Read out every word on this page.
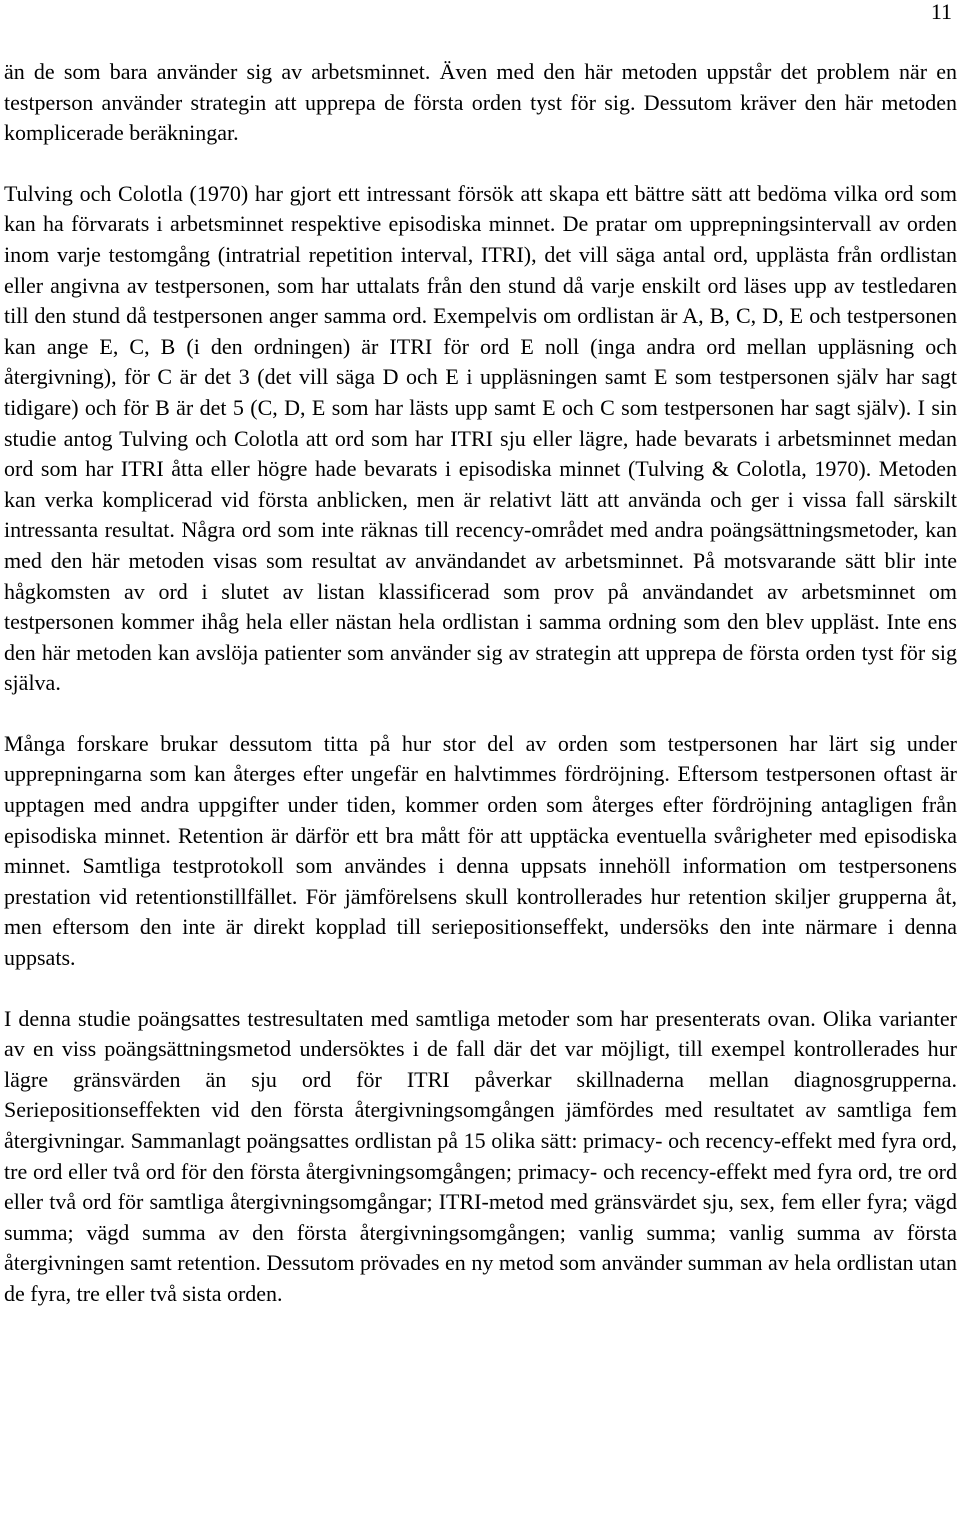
11

än de som bara använder sig av arbetsminnet. Även med den här metoden uppstår det problem när en testperson använder strategin att upprepa de första orden tyst för sig. Dessutom kräver den här metoden komplicerade beräkningar.

Tulving och Colotla (1970) har gjort ett intressant försök att skapa ett bättre sätt att bedöma vilka ord som kan ha förvarats i arbetsminnet respektive episodiska minnet. De pratar om upprepningsintervall av orden inom varje testomgång (intratrial repetition interval, ITRI), det vill säga antal ord, upplästa från ordlistan eller angivna av testpersonen, som har uttalats från den stund då varje enskilt ord läses upp av testledaren till den stund då testpersonen anger samma ord. Exempelvis om ordlistan är A, B, C, D, E och testpersonen kan ange E, C, B (i den ordningen) är ITRI för ord E noll (inga andra ord mellan uppläsning och återgivning), för C är det 3 (det vill säga D och E i uppläsningen samt E som testpersonen själv har sagt tidigare) och för B är det 5 (C, D, E som har lästs upp samt E och C som testpersonen har sagt själv). I sin studie antog Tulving och Colotla att ord som har ITRI sju eller lägre, hade bevarats i arbetsminnet medan ord som har ITRI åtta eller högre hade bevarats i episodiska minnet (Tulving & Colotla, 1970). Metoden kan verka komplicerad vid första anblicken, men är relativt lätt att använda och ger i vissa fall särskilt intressanta resultat. Några ord som inte räknas till recency-området med andra poängsättningsmetoder, kan med den här metoden visas som resultat av användandet av arbetsminnet. På motsvarande sätt blir inte hågkomsten av ord i slutet av listan klassificerad som prov på användandet av arbetsminnet om testpersonen kommer ihåg hela eller nästan hela ordlistan i samma ordning som den blev uppläst. Inte ens den här metoden kan avslöja patienter som använder sig av strategin att upprepa de första orden tyst för sig själva.

Många forskare brukar dessutom titta på hur stor del av orden som testpersonen har lärt sig under upprepningarna som kan återges efter ungefär en halvtimmes fördröjning. Eftersom testpersonen oftast är upptagen med andra uppgifter under tiden, kommer orden som återges efter fördröjning antagligen från episodiska minnet. Retention är därför ett bra mått för att upptäcka eventuella svårigheter med episodiska minnet. Samtliga testprotokoll som användes i denna uppsats innehöll information om testpersonens prestation vid retentionstillfället. För jämförelsens skull kontrollerades hur retention skiljer grupperna åt, men eftersom den inte är direkt kopplad till seriepositionseffekt, undersöks den inte närmare i denna uppsats.

I denna studie poängsattes testresultaten med samtliga metoder som har presenterats ovan. Olika varianter av en viss poängsättningsmetod undersöktes i de fall där det var möjligt, till exempel kontrollerades hur lägre gränsvärden än sju ord för ITRI påverkar skillnaderna mellan diagnosgrupperna. Seriepositionseffekten vid den första återgivningsomgången jämfördes med resultatet av samtliga fem återgivningar. Sammanlagt poängsattes ordlistan på 15 olika sätt: primacy- och recency-effekt med fyra ord, tre ord eller två ord för den första återgivningsomgången; primacy- och recency-effekt med fyra ord, tre ord eller två ord för samtliga återgivningsomgångar; ITRI-metod med gränsvärdet sju, sex, fem eller fyra; vägd summa; vägd summa av den första återgivningsomgången; vanlig summa; vanlig summa av första återgivningen samt retention. Dessutom prövades en ny metod som använder summan av hela ordlistan utan de fyra, tre eller två sista orden.
